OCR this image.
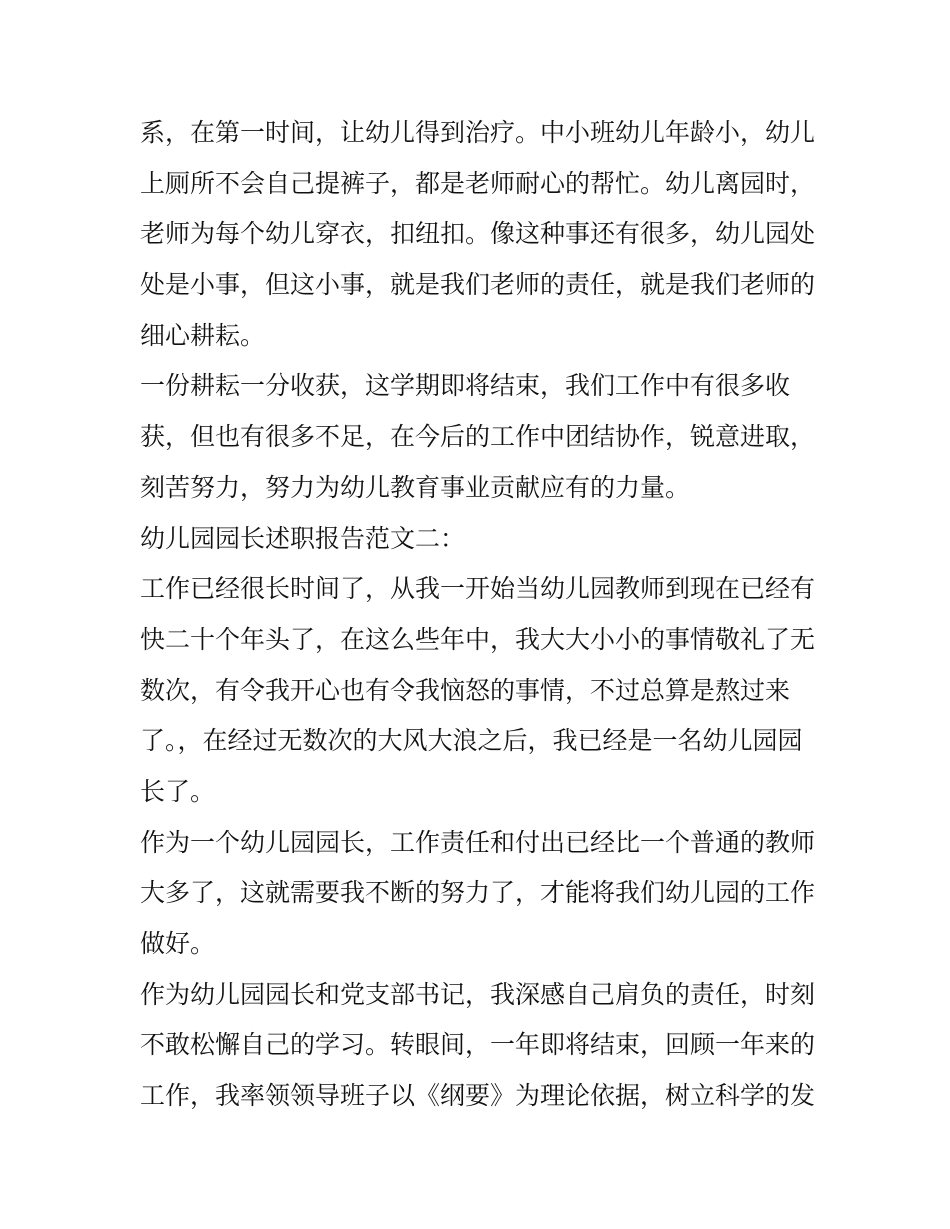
系，在第一时间，让幼儿得到治疗。中小班幼儿年龄小，幼儿
上厕所不会自己提裤子，都是老师耐心的帮忙。幼儿离园时，
老师为每个幼儿穿衣，扣纽扣。像这种事还有很多，幼儿园处
处是小事，但这小事，就是我们老师的责任，就是我们老师的
细心耕耘。
一份耕耘一分收获，这学期即将结束，我们工作中有很多收
获，但也有很多不足，在今后的工作中团结协作，锐意进取，
刻苦努力，努力为幼儿教育事业贡献应有的力量。
幼儿园园长述职报告范文二：
工作已经很长时间了，从我一开始当幼儿园教师到现在已经有
快二十个年头了，在这么些年中，我大大小小的事情敬礼了无
数次，有令我开心也有令我恼怒的事情，不过总算是熬过来
了。，在经过无数次的大风大浪之后，我已经是一名幼儿园园
长了。
作为一个幼儿园园长，工作责任和付出已经比一个普通的教师
大多了，这就需要我不断的努力了，才能将我们幼儿园的工作
做好。
作为幼儿园园长和党支部书记，我深感自己肩负的责任，时刻
不敢松懈自己的学习。转眼间，一年即将结束，回顾一年来的
工作，我率领领导班子以《纲要》为理论依据，树立科学的发
